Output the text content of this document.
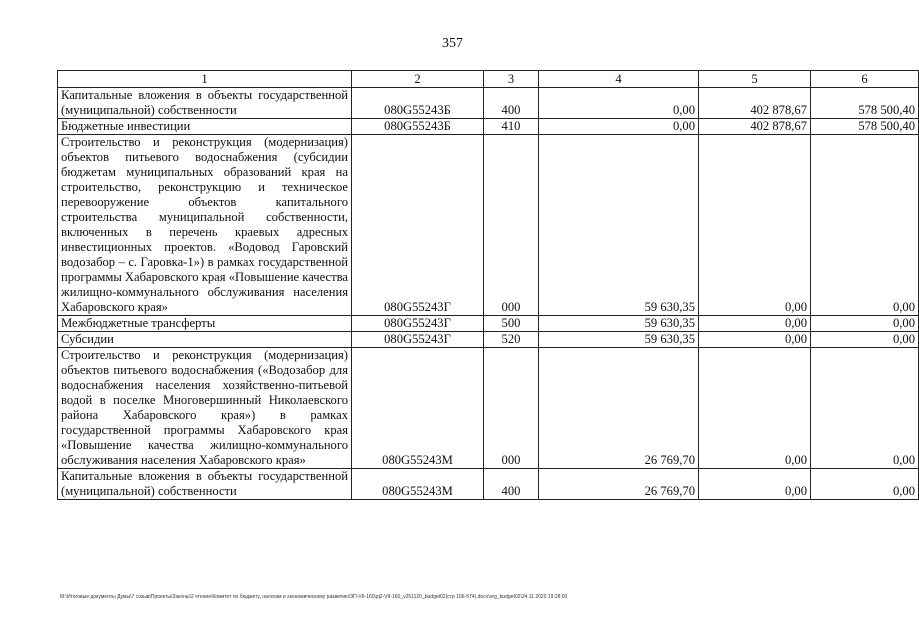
357
1	2	3	4	5	6
Капитальные вложения в объекты государственной (муниципальной) собственности	080G55243Б	400	0,00	402 878,67	578 500,40
Бюджетные инвестиции	080G55243Б	410	0,00	402 878,67	578 500,40
Строительство и реконструкция (модернизация) объектов питьевого водоснабжения (субсидии бюджетам муниципальных образований края на строительство, реконструкцию и техническое перевооружение объектов капитального строительства муниципальной собственности, включенных в перечень краевых адресных инвестиционных проектов. «Водовод Гаровский водозабор – с. Гаровка-1») в рамках государственной программы Хабаровского края «Повышение качества жилищно-коммунального обслуживания населения Хабаровского края»	080G55243Г	000	59 630,35	0,00	0,00
Межбюджетные трансферты	080G55243Г	500	59 630,35	0,00	0,00
Субсидии	080G55243Г	520	59 630,35	0,00	0,00
Строительство и реконструкция (модернизация) объектов питьевого водоснабжения («Водозабор для водоснабжения населения хозяйственно-питьевой водой в поселке Многовершинный Николаевского района Хабаровского края») в рамках государственной программы Хабаровского края «Повышение качества жилищно-коммунального обслуживания населения Хабаровского края»	080G55243М	000	26 769,70	0,00	0,00
Капитальные вложения в объекты государственной (муниципальной) собственности	080G55243М	400	26 769,70	0,00	0,00
M:\Итоговые документы Думы\7 созыв\Проекты\Законы\2 чтение\Комитет по бюджету, налогам и экономическому развитию\ЗП-VII-160\pj2-VII-160_v251120_budget02(стр 166-574).docx\org_budget02\24.11.2020 19:28:00
